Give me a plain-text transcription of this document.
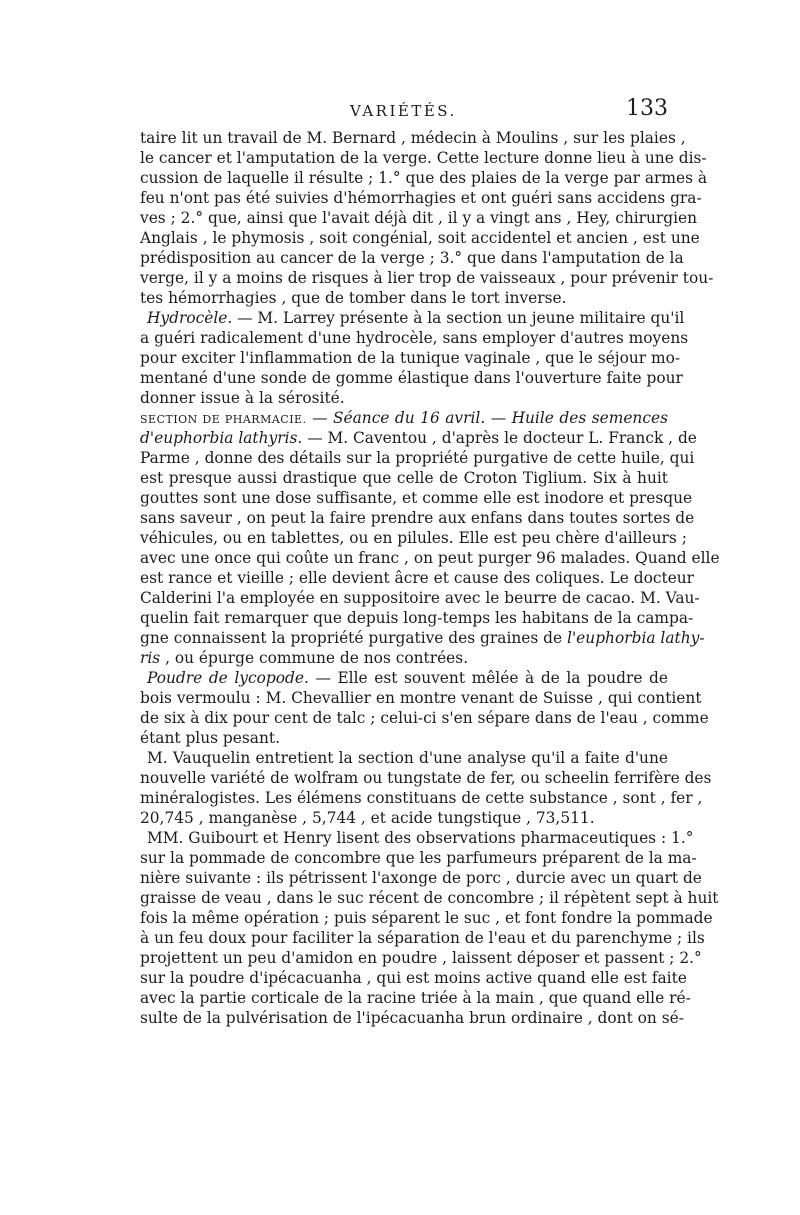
VARIÉTÉS.	133
taire lit un travail de M. Bernard , médecin à Moulins , sur les plaies ,
le cancer et l'amputation de la verge. Cette lecture donne lieu à une dis-
cussion de laquelle il résulte ; 1.° que des plaies de la verge par armes à
feu n'ont pas été suivies d'hémorrhagies et ont guéri sans accidens gra-
ves ; 2.° que, ainsi que l'avait déjà dit , il y a vingt ans , Hey, chirurgien
Anglais , le phymosis , soit congénial, soit accidentel et ancien , est une
prédisposition au cancer de la verge ; 3.° que dans l'amputation de la
verge, il y a moins de risques à lier trop de vaisseaux , pour prévenir tou-
tes hémorrhagies , que de tomber dans le tort inverse.
Hydrocèle. — M. Larrey présente à la section un jeune militaire qu'il
a guéri radicalement d'une hydrocèle, sans employer d'autres moyens
pour exciter l'inflammation de la tunique vaginale , que le séjour mo-
mentané d'une sonde de gomme élastique dans l'ouverture faite pour
donner issue à la sérosité.
SECTION DE PHARMACIE. — Séance du 16 avril. — Huile des semences
d'euphorbia lathyris. — M. Caventou , d'après le docteur L. Franck , de
Parme , donne des détails sur la propriété purgative de cette huile, qui
est presque aussi drastique que celle de Croton Tiglium. Six à huit
gouttes sont une dose suffisante, et comme elle est inodore et presque
sans saveur , on peut la faire prendre aux enfans dans toutes sortes de
véhicules, ou en tablettes, ou en pilules. Elle est peu chère d'ailleurs ;
avec une once qui coûte un franc , on peut purger 96 malades. Quand elle
est rance et vieille ; elle devient âcre et cause des coliques. Le docteur
Calderini l'a employée en suppositoire avec le beurre de cacao. M. Vau-
quelin fait remarquer que depuis long-temps les habitans de la campa-
gne connaissent la propriété purgative des graines de l'euphorbia lathy-
ris , ou épurge commune de nos contrées.
Poudre de lycopode. — Elle est souvent mêlée à de la poudre de
bois vermoulu : M. Chevallier en montre venant de Suisse , qui contient
de six à dix pour cent de talc ; celui-ci s'en sépare dans de l'eau , comme
étant plus pesant.
M. Vauquelin entretient la section d'une analyse qu'il a faite d'une
nouvelle variété de wolfram ou tungstate de fer, ou scheelin ferrifère des
minéralogistes. Les élémens constituans de cette substance , sont , fer ,
20,745 , manganèse , 5,744 , et acide tungstique , 73,511.
MM. Guibourt et Henry lisent des observations pharmaceutiques : 1.°
sur la pommade de concombre que les parfumeurs préparent de la ma-
nière suivante : ils pétrissent l'axonge de porc , durcie avec un quart de
graisse de veau , dans le suc récent de concombre ; il répètent sept à huit
fois la même opération ; puis séparent le suc , et font fondre la pommade
à un feu doux pour faciliter la séparation de l'eau et du parenchyme ; ils
projettent un peu d'amidon en poudre , laissent déposer et passent ; 2.°
sur la poudre d'ipécacuanha , qui est moins active quand elle est faite
avec la partie corticale de la racine triée à la main , que quand elle ré-
sulte de la pulvérisation de l'ipécacuanha brun ordinaire , dont on sé-
